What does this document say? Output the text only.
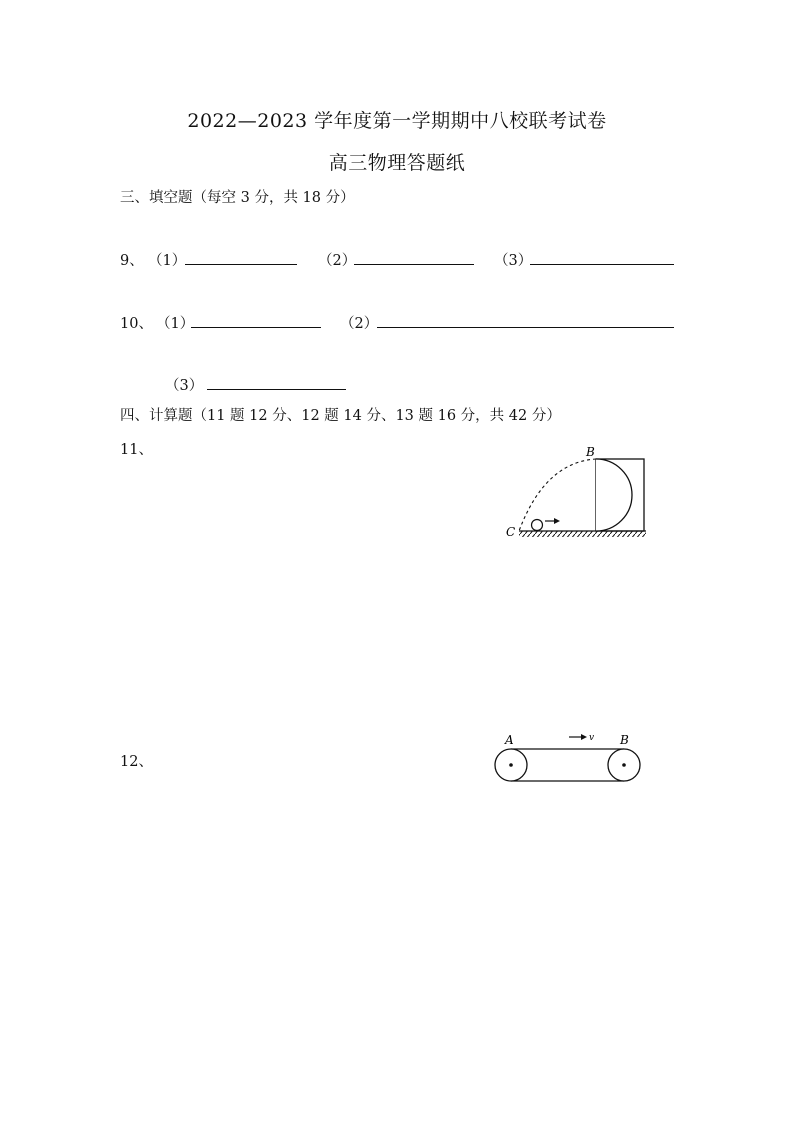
2022—2023 学年度第一学期期中八校联考试卷
高三物理答题纸
三、填空题（每空 3 分，共 18 分）
9、 （1）	（2）	（3）
10、 （1）	（2）
（3）
四、计算题（11 题 12 分、12 题 14 分、13 题 16 分，共 42 分）
11、	B
C
12、
A	B
v
